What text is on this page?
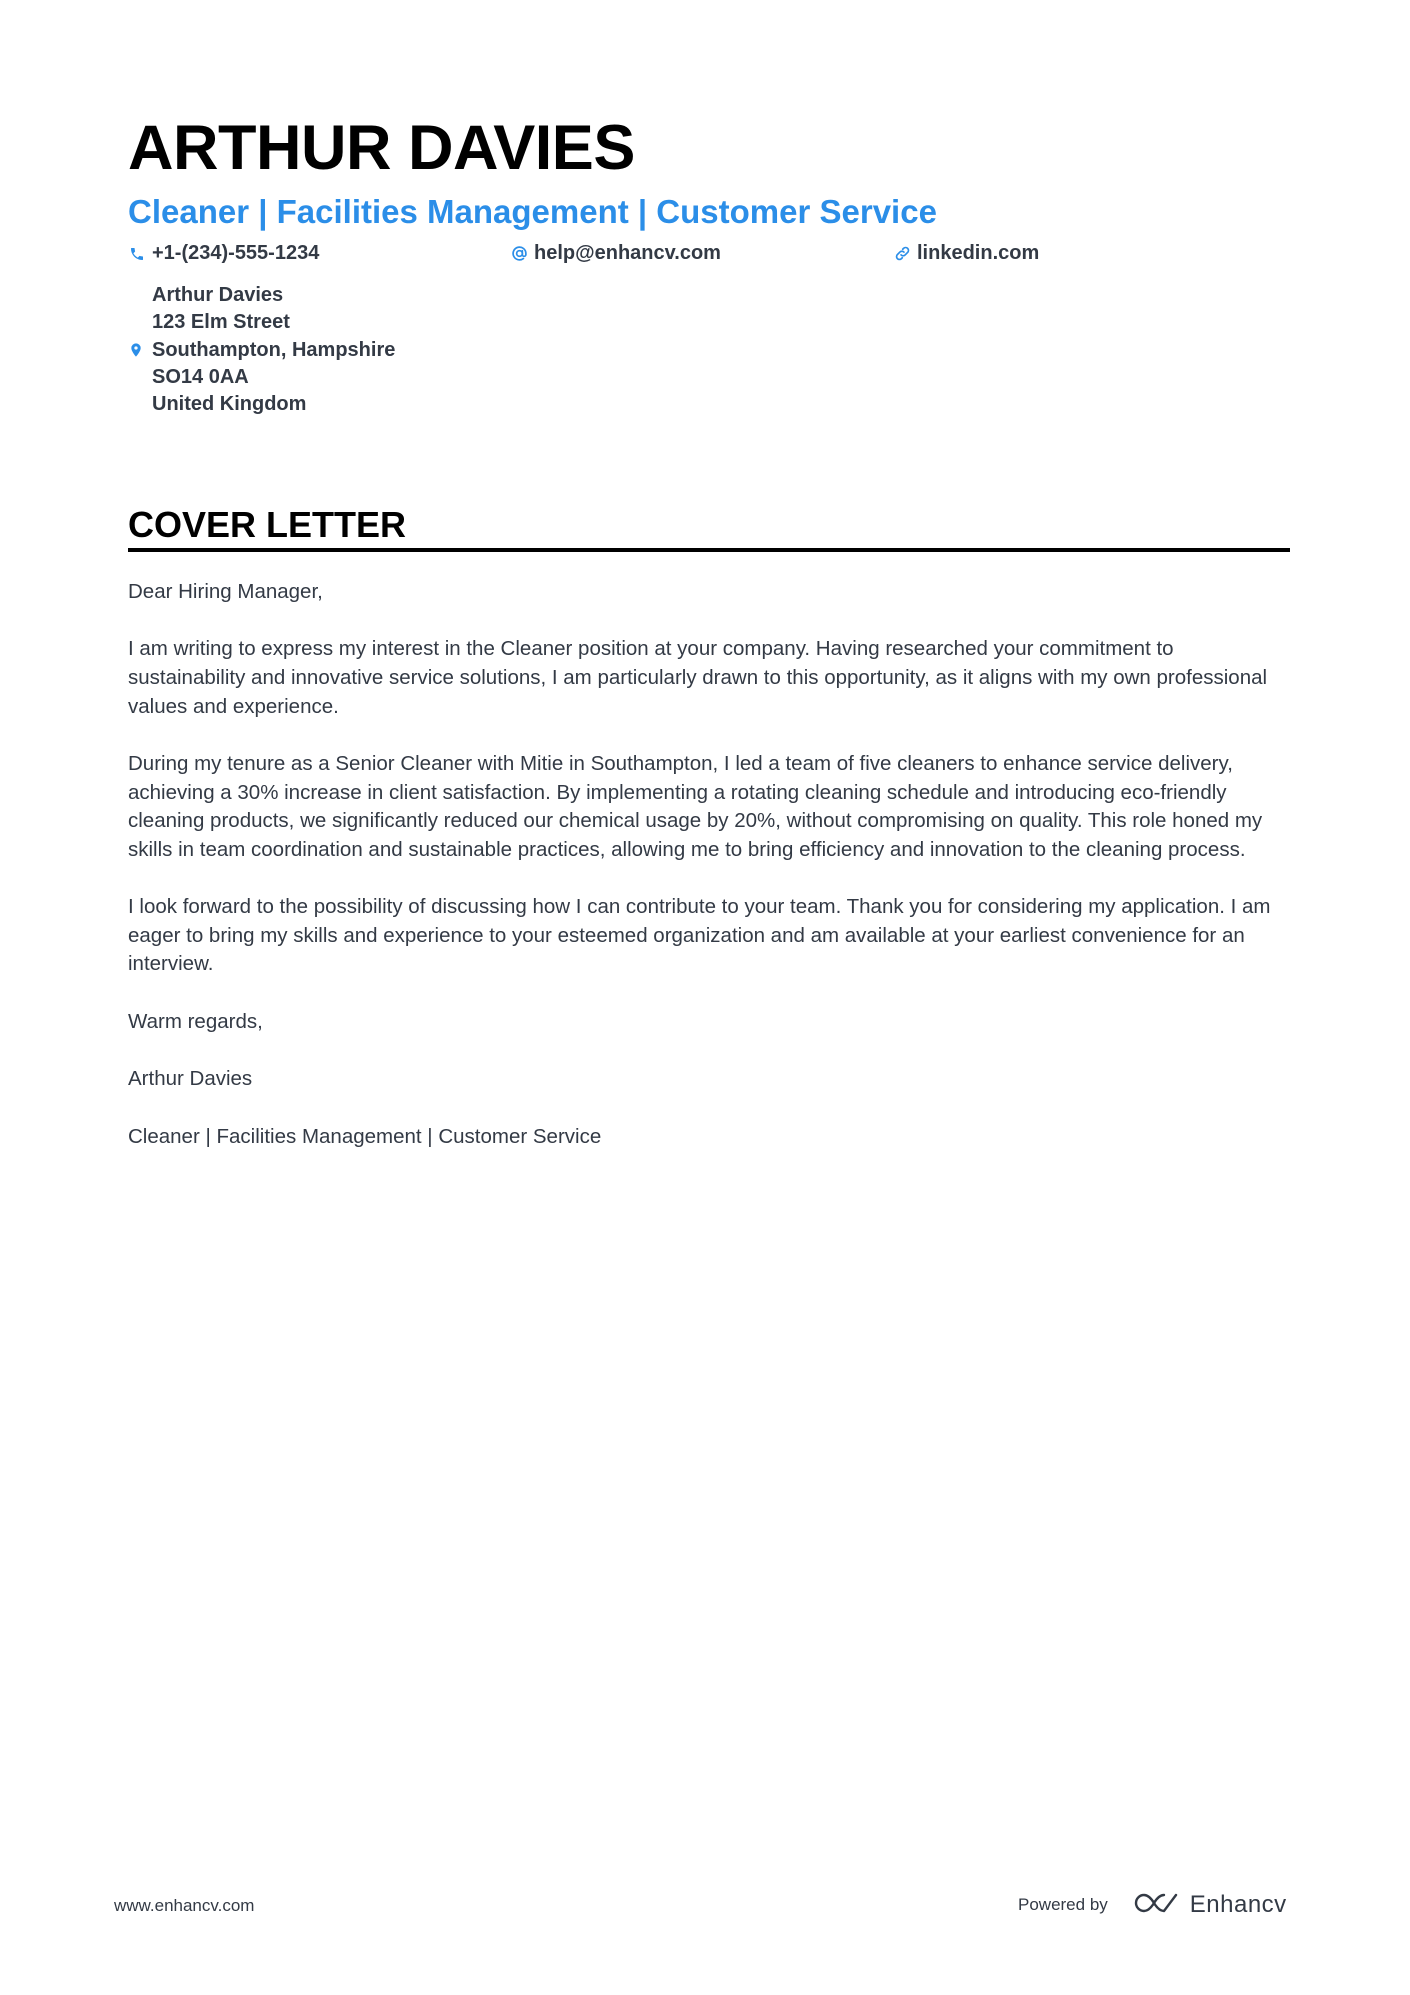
ARTHUR DAVIES
Cleaner | Facilities Management | Customer Service
+1-(234)-555-1234	help@enhancv.com	linkedin.com
Arthur Davies
123 Elm Street
Southampton, Hampshire
SO14 0AA
United Kingdom
COVER LETTER

Dear Hiring Manager,

I am writing to express my interest in the Cleaner position at your company. Having researched your commitment to sustainability and innovative service solutions, I am particularly drawn to this opportunity, as it aligns with my own professional values and experience.

During my tenure as a Senior Cleaner with Mitie in Southampton, I led a team of five cleaners to enhance service delivery, achieving a 30% increase in client satisfaction. By implementing a rotating cleaning schedule and introducing eco-friendly cleaning products, we significantly reduced our chemical usage by 20%, without compromising on quality. This role honed my skills in team coordination and sustainable practices, allowing me to bring efficiency and innovation to the cleaning process.

I look forward to the possibility of discussing how I can contribute to your team. Thank you for considering my application. I am eager to bring my skills and experience to your esteemed organization and am available at your earliest convenience for an interview.

Warm regards,

Arthur Davies

Cleaner | Facilities Management | Customer Service

www.enhancv.com	Powered by	Enhancv
